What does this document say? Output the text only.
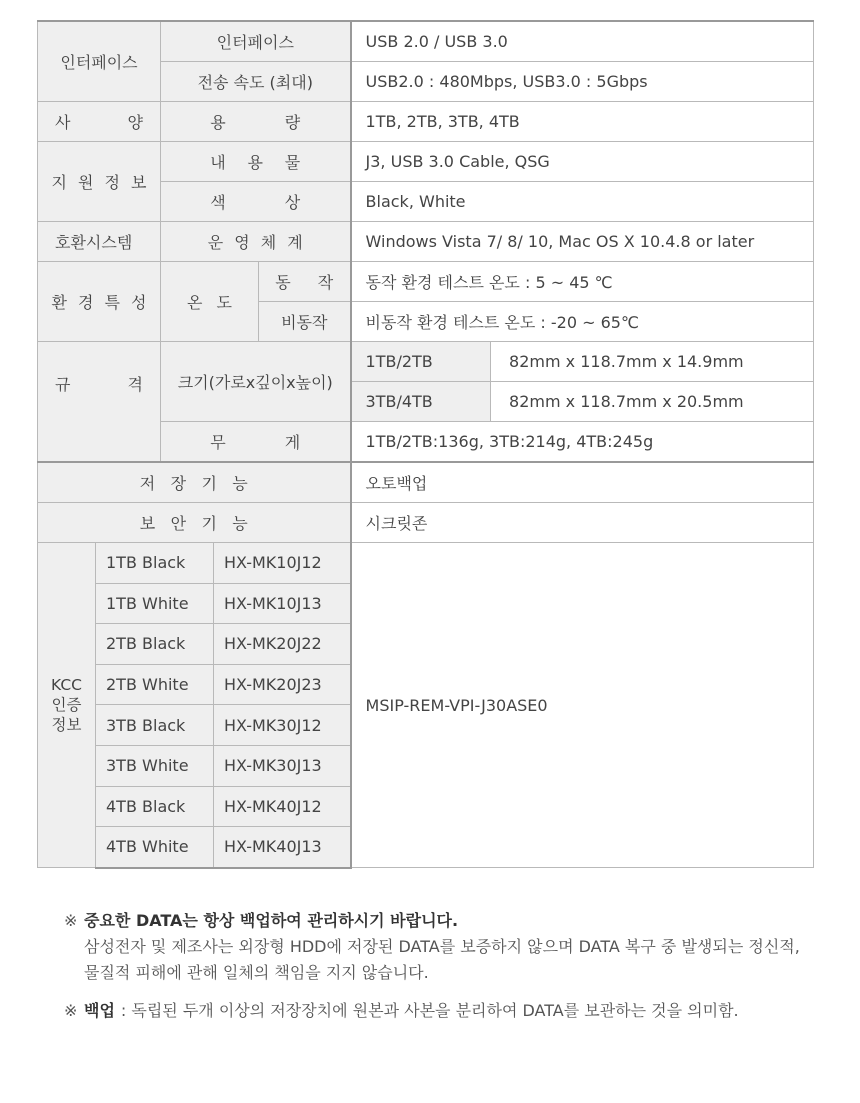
인터페이스		인터페이스			USB 2.0 / USB 3.0	
		전송 속도 (최대)			USB2.0 : 480Mbps, USB3.0 : 5Gbps	

사 양		용 량			1TB, 2TB, 3TB, 4TB	

지 원 정 보		내 용 물			J3, USB 3.0 Cable, QSG	

		색 상			Black, White	
호환시스템		운 영 체 계			Windows Vista 7/ 8/ 10, Mac OS X 10.4.8 or later	

환 경 특 성		온 도		동 작	동작 환경 테스트 온도 : 5 ~ 45 ℃	
				비동작	비동작 환경 테스트 온도 : -20 ~ 65℃	

규 격		크기(가로x깊이x높이)			1TB/2TB	82mm x 118.7mm x 14.9mm
					3TB/4TB	82mm x 118.7mm x 20.5mm

		무 게			1TB/2TB:136g, 3TB:214g, 4TB:245g	

저 장 기 능					오토백업	

보 안 기 능					시크릿존	

KCC
인증
정보	1TB Black		HX-MK10J12		MSIP-REM-VPI-J30ASE0	
	1TB White		HX-MK10J13			
	2TB Black		HX-MK20J22			
	2TB White		HX-MK20J23			
	3TB Black		HX-MK30J12			
	3TB White		HX-MK30J13			
	4TB Black		HX-MK40J12			
	4TB White		HX-MK40J13			
※ 중요한 DATA는 항상 백업하여 관리하시기 바랍니다.
삼성전자 및 제조사는 외장형 HDD에 저장된 DATA를 보증하지 않으며 DATA 복구 중 발생되는 정신적, 물질적 피해에 관해 일체의 책임을 지지 않습니다.
※ 백업 : 독립된 두개 이상의 저장장치에 원본과 사본을 분리하여 DATA를 보관하는 것을 의미함.
